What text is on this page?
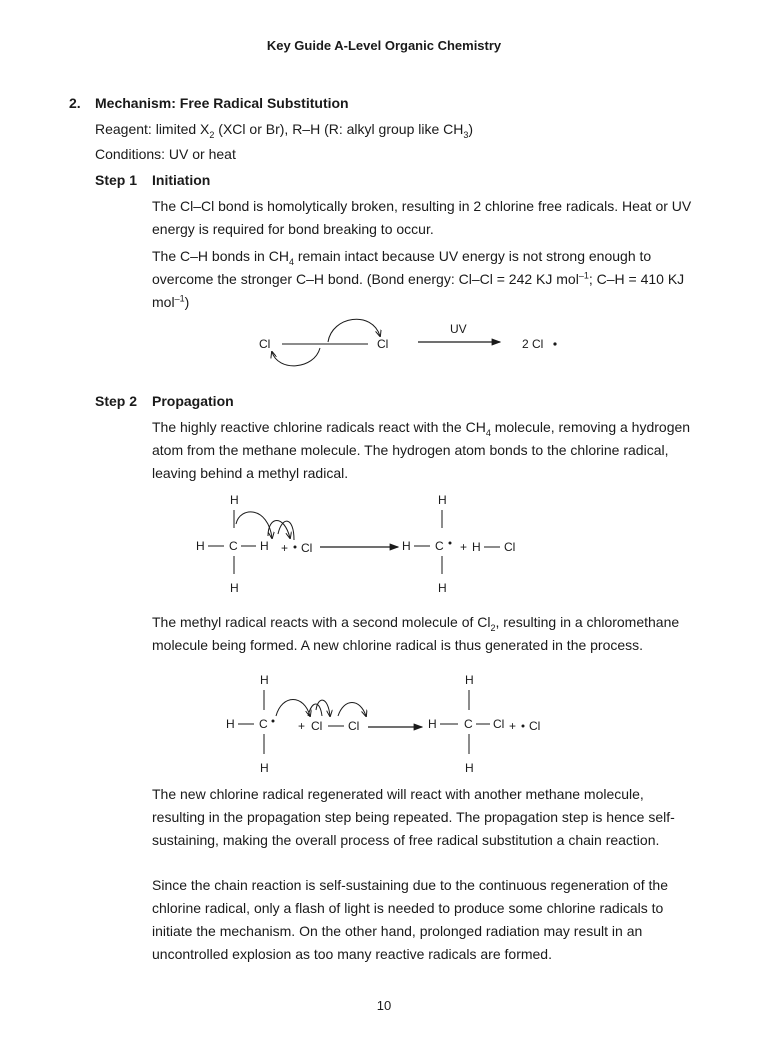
Key Guide A-Level Organic Chemistry
2. Mechanism: Free Radical Substitution
Reagent: limited $X_2$ (XCl or Br), R–H (R: alkyl group like $CH_3$)
Conditions: UV or heat
Step 1 Initiation

The Cl–Cl bond is homolytically broken, resulting in 2 chlorine free radicals. Heat or UV energy is required for bond breaking to occur.

The C–H bonds in $CH_4$ remain intact because UV energy is not strong enough to overcome the stronger C–H bond. (Bond energy: Cl–Cl = 242 KJ mol$^{-1}$; C–H = 410 KJ mol$^{-1}$)

Cl	Cl
UV
2 Cl
Step 2 Propagation
The highly reactive chlorine radicals react with the $CH_4$ molecule, removing a hydrogen atom from the methane molecule. The hydrogen atom bonds to the chlorine radical, leaving behind a methyl radical.
H
H C H
H
+ Cl
H
H C
H
+ H Cl
The methyl radical reacts with a second molecule of $Cl_2$, resulting in a chloromethane molecule being formed. A new chlorine radical is thus generated in the process.
H
H C
H
+ Cl Cl
H
H C Cl
H
+ Cl
The new chlorine radical regenerated will react with another methane molecule, resulting in the propagation step being repeated. The propagation step is hence self-sustaining, making the overall process of free radical substitution a chain reaction.
Since the chain reaction is self-sustaining due to the continuous regeneration of the chlorine radical, only a flash of light is needed to produce some chlorine radicals to initiate the mechanism. On the other hand, prolonged radiation may result in an uncontrolled explosion as too many reactive radicals are formed.
10
